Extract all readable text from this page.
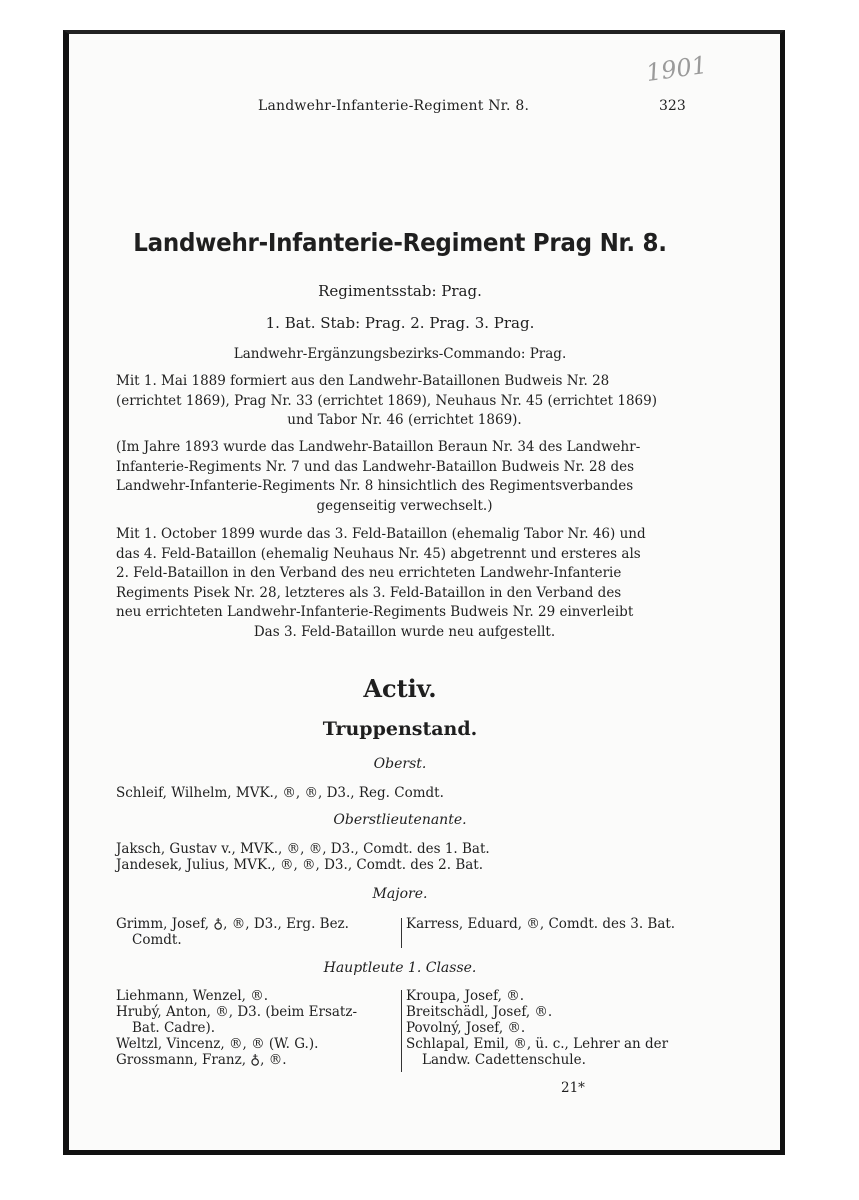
1901
Landwehr-Infanterie-Regiment Nr. 8.	323
Landwehr-Infanterie-Regiment Prag Nr. 8.
Regimentsstab: Prag.
1. Bat. Stab: Prag. 2. Prag. 3. Prag.
Landwehr-Ergänzungsbezirks-Commando: Prag.
Mit 1. Mai 1889 formiert aus den Landwehr-Bataillonen Budweis Nr. 28
(errichtet 1869), Prag Nr. 33 (errichtet 1869), Neuhaus Nr. 45 (errichtet 1869)
und Tabor Nr. 46 (errichtet 1869).
(Im Jahre 1893 wurde das Landwehr-Bataillon Beraun Nr. 34 des Landwehr-
Infanterie-Regiments Nr. 7 und das Landwehr-Bataillon Budweis Nr. 28 des
Landwehr-Infanterie-Regiments Nr. 8 hinsichtlich des Regimentsverbandes
gegenseitig verwechselt.)
Mit 1. October 1899 wurde das 3. Feld-Bataillon (ehemalig Tabor Nr. 46) und
das 4. Feld-Bataillon (ehemalig Neuhaus Nr. 45) abgetrennt und ersteres als
2. Feld-Bataillon in den Verband des neu errichteten Landwehr-Infanterie
Regiments Pisek Nr. 28, letzteres als 3. Feld-Bataillon in den Verband des
neu errichteten Landwehr-Infanterie-Regiments Budweis Nr. 29 einverleibt
Das 3. Feld-Bataillon wurde neu aufgestellt.
Activ.
Truppenstand.
Oberst.
Schleif, Wilhelm, MVK., ®, ®, D3., Reg. Comdt.
Oberstlieutenante.
Jaksch, Gustav v., MVK., ®, ®, D3., Comdt. des 1. Bat.
Jandesek, Julius, MVK., ®, ®, D3., Comdt. des 2. Bat.
Majore.
Grimm, Josef, ♁, ®, D3., Erg. Bez.
Comdt.
Karress, Eduard, ®, Comdt. des 3. Bat.
Hauptleute 1. Classe.
Liehmann, Wenzel, ®.
Hrubý, Anton, ®, D3. (beim Ersatz-
Bat. Cadre).
Weltzl, Vincenz, ®, ® (W. G.).
Grossmann, Franz, ♁, ®.
Kroupa, Josef, ®.
Breitschädl, Josef, ®.
Povolný, Josef, ®.
Schlapal, Emil, ®, ü. c., Lehrer an der
Landw. Cadettenschule.
21*
